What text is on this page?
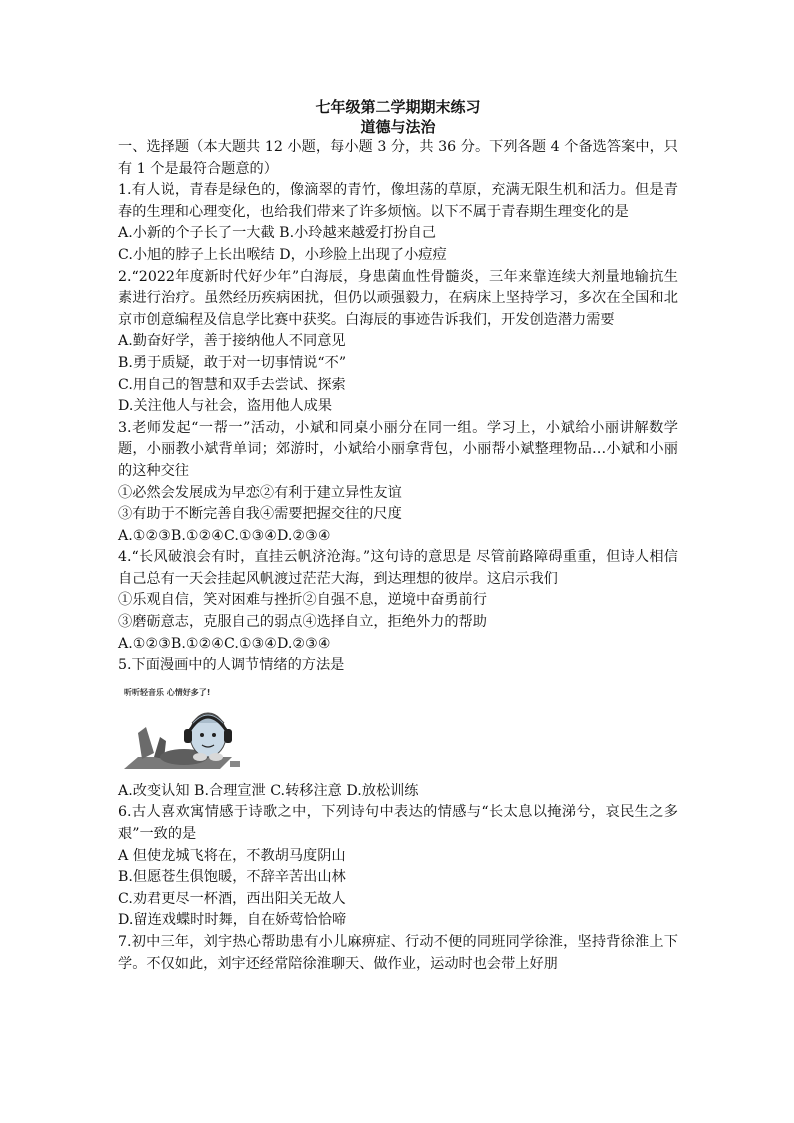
七年级第二学期期末练习

道德与法治

一、选择题（本大题共 12 小题，每小题 3 分，共 36 分。下列各题 4 个备选答案中，只有 1 个是最符合题意的）

1.有人说，青春是绿色的，像滴翠的青竹，像坦荡的草原，充满无限生机和活力。但是青春的生理和心理变化，也给我们带来了许多烦恼。以下不属于青春期生理变化的是

A.小新的个子长了一大截 B.小玲越来越爱打扮自己

C.小旭的脖子上长出喉结 D，小珍脸上出现了小痘痘

2.“2022年度新时代好少年”白海辰，身患菌血性骨髓炎，三年来靠连续大剂量地输抗生素进行治疗。虽然经历疾病困扰，但仍以顽强毅力，在病床上坚持学习，多次在全国和北京市创意编程及信息学比赛中获奖。白海辰的事迹告诉我们，开发创造潜力需要

A.勤奋好学，善于接纳他人不同意见

B.勇于质疑，敢于对一切事情说“不”

C.用自己的智慧和双手去尝试、探索

D.关注他人与社会，盗用他人成果

3.老师发起“一帮一”活动，小斌和同桌小丽分在同一组。学习上，小斌给小丽讲解数学题，小丽教小斌背单词；郊游时，小斌给小丽拿背包，小丽帮小斌整理物品…小斌和小丽的这种交往

①必然会发展成为早恋②有利于建立异性友谊

③有助于不断完善自我④需要把握交往的尺度

A.①②③B.①②④C.①③④D.②③④

4.“长风破浪会有时，直挂云帆济沧海。”这句诗的意思是 尽管前路障碍重重，但诗人相信自己总有一天会挂起风帆渡过茫茫大海，到达理想的彼岸。这启示我们

①乐观自信，笑对困难与挫折②自强不息，逆境中奋勇前行

③磨砺意志，克服自己的弱点④选择自立，拒绝外力的帮助

A.①②③B.①②④C.①③④D.②③④

5.下面漫画中的人调节情绪的方法是

听听轻音乐 心情好多了!

A.改变认知 B.合理宣泄 C.转移注意 D.放松训练

6.古人喜欢寓情感于诗歌之中，下列诗句中表达的情感与“长太息以掩涕兮，哀民生之多艰”一致的是

A 但使龙城飞将在，不教胡马度阴山

B.但愿苍生俱饱暖，不辞辛苦出山林

C.劝君更尽一杯酒，西出阳关无故人

D.留连戏蝶时时舞，自在娇莺恰恰啼

7.初中三年，刘宇热心帮助患有小儿麻痹症、行动不便的同班同学徐淮，坚持背徐淮上下学。不仅如此，刘宇还经常陪徐淮聊天、做作业，运动时也会带上好朋
